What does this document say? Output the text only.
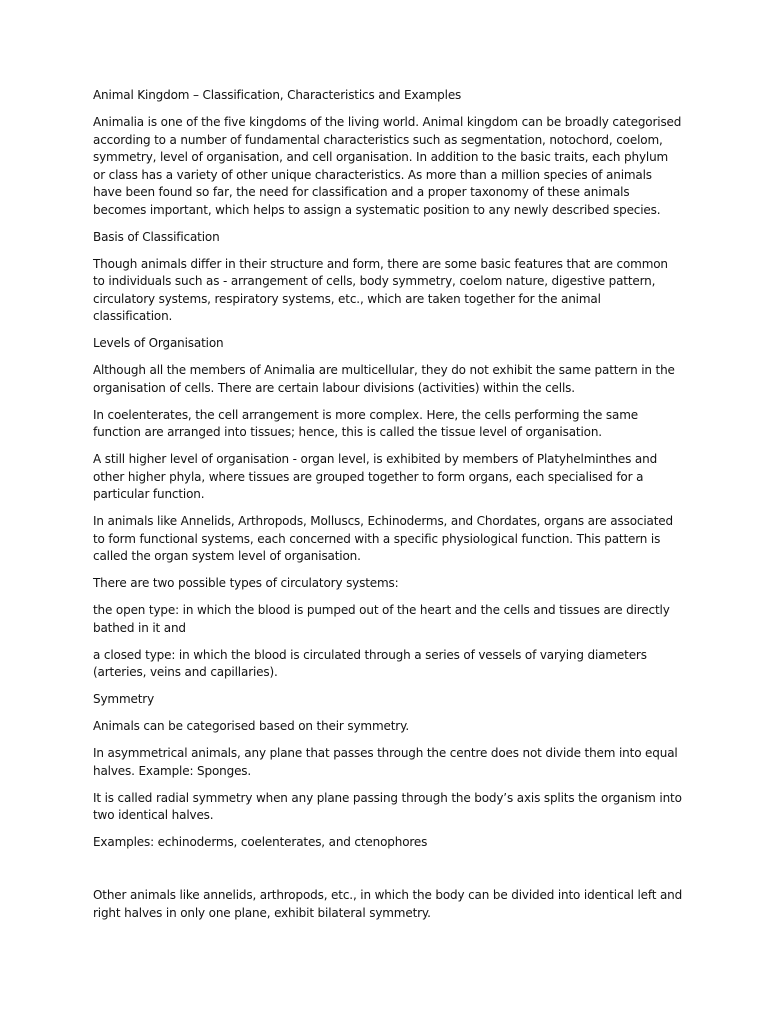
Animal Kingdom – Classification, Characteristics and Examples

Animalia is one of the five kingdoms of the living world. Animal kingdom can be broadly categorised according to a number of fundamental characteristics such as segmentation, notochord, coelom, symmetry, level of organisation, and cell organisation. In addition to the basic traits, each phylum or class has a variety of other unique characteristics. As more than a million species of animals have been found so far, the need for classification and a proper taxonomy of these animals becomes important, which helps to assign a systematic position to any newly described species.

Basis of Classification

Though animals differ in their structure and form, there are some basic features that are common to individuals such as - arrangement of cells, body symmetry, coelom nature, digestive pattern, circulatory systems, respiratory systems, etc., which are taken together for the animal classification.

Levels of Organisation

Although all the members of Animalia are multicellular, they do not exhibit the same pattern in the organisation of cells. There are certain labour divisions (activities) within the cells.

In coelenterates, the cell arrangement is more complex. Here, the cells performing the same function are arranged into tissues; hence, this is called the tissue level of organisation.

A still higher level of organisation - organ level, is exhibited by members of Platyhelminthes and other higher phyla, where tissues are grouped together to form organs, each specialised for a particular function.

In animals like Annelids, Arthropods, Molluscs, Echinoderms, and Chordates, organs are associated to form functional systems, each concerned with a specific physiological function. This pattern is called the organ system level of organisation.

There are two possible types of circulatory systems:

the open type: in which the blood is pumped out of the heart and the cells and tissues are directly bathed in it and

a closed type: in which the blood is circulated through a series of vessels of varying diameters (arteries, veins and capillaries).

Symmetry

Animals can be categorised based on their symmetry.

In asymmetrical animals, any plane that passes through the centre does not divide them into equal halves. Example: Sponges.

It is called radial symmetry when any plane passing through the body’s axis splits the organism into two identical halves.

Examples: echinoderms, coelenterates, and ctenophores

Other animals like annelids, arthropods, etc., in which the body can be divided into identical left and right halves in only one plane, exhibit bilateral symmetry.
